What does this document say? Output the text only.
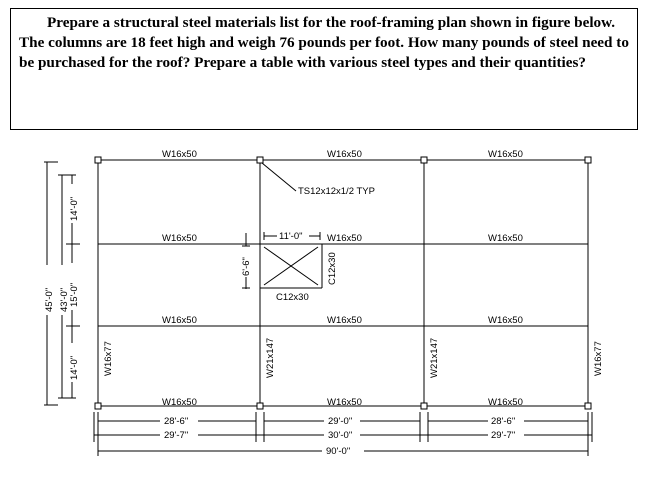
Prepare a structural steel materials list for the roof-framing plan shown in figure below. The columns are 18 feet high and weigh 76 pounds per foot. How many pounds of steel need to be purchased for the roof? Prepare a table with various steel types and their quantities?
W16x50	W16x50	W16x50
W16x50	W16x50	W16x50
W16x50	W16x50	W16x50
W16x50	W16x50	W16x50
W16x77	W21x147	W21x147	W16x77
TS12x12x1/2 TYP
11'-0"
6'-6"
C12x30
C12x30
45'-0" 43'-0"
14'-0"
15'-0"
14'-0"
28'-6"	29'-0"	28'-6"
29'-7"	30'-0"	29'-7"
90'-0"
